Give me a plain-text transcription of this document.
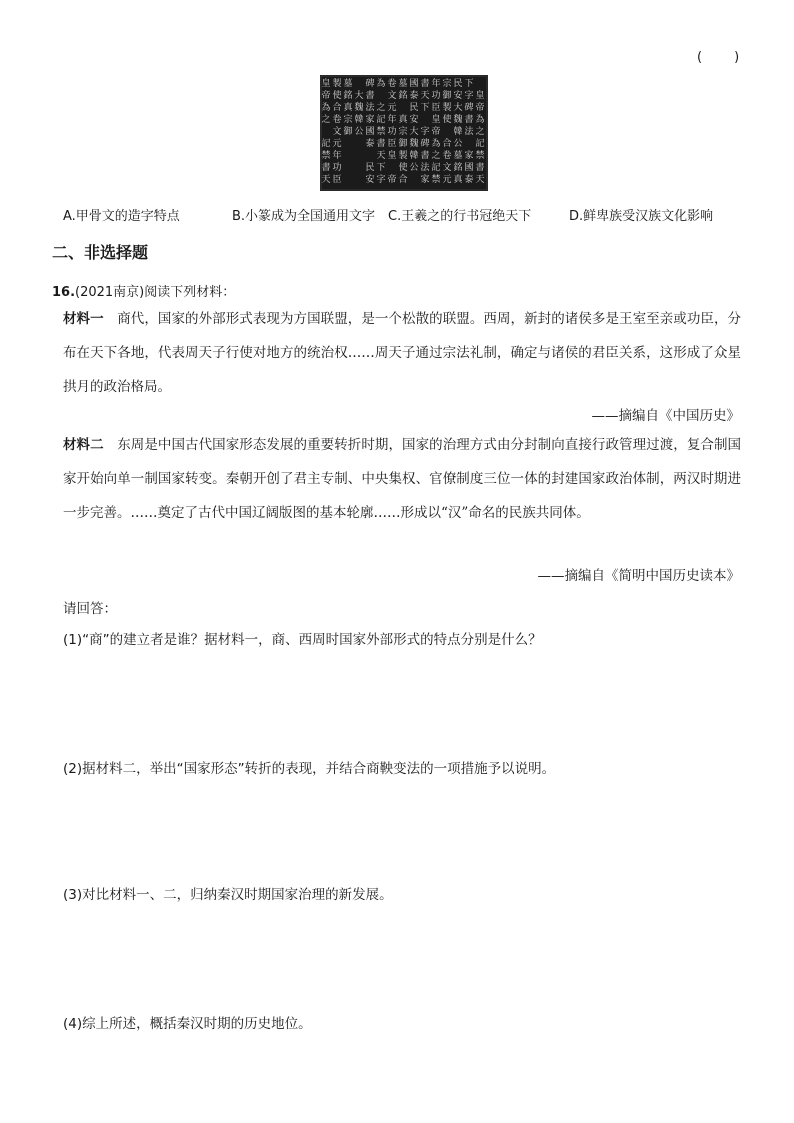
(　　)
皇
帝
為
之
記
禁
書
天
下
字
碑
書
法
家
國
泰
民
安
大
魏
韓
公
墓
銘
真
宗
御
製
使
合
卷
文
元
年
功
臣
皇
帝
為
之
記
禁
書
天
下
字
碑
書
法
家
國
泰
民
安
大
魏
韓
公
墓
銘
真
宗
御
製
使
合
卷
文
元
年
功
臣
皇
帝
為
之
記
禁
書
天
下
字
碑
書
法
家
國
泰
民
安
大
魏
韓
公
墓
銘
真
宗
御
製
使
合
卷
文
元
年
功
臣
皇
帝
為
之
記
禁
書
天
A.甲骨文的造字特点	B.小篆成为全国通用文字 C.王羲之的行书冠绝天下	D.鲜卑族受汉族文化影响
二、非选择题
16.(2021南京)阅读下列材料：
材料一　商代，国家的外部形式表现为方国联盟，是一个松散的联盟。西周，新封的诸侯多是王室至亲或功臣，分布在天下各地，代表周天子行使对地方的统治权……周天子通过宗法礼制，确定与诸侯的君臣关系，这形成了众星拱月的政治格局。
——摘编自《中国历史》
材料二　东周是中国古代国家形态发展的重要转折时期，国家的治理方式由分封制向直接行政管理过渡，复合制国家开始向单一制国家转变。秦朝开创了君主专制、中央集权、官僚制度三位一体的封建国家政治体制，两汉时期进一步完善。……奠定了古代中国辽阔版图的基本轮廓……形成以“汉”命名的民族共同体。
——摘编自《简明中国历史读本》
请回答：
(1)“商”的建立者是谁？据材料一，商、西周时国家外部形式的特点分别是什么？
(2)据材料二，举出“国家形态”转折的表现，并结合商鞅变法的一项措施予以说明。
(3)对比材料一、二，归纳秦汉时期国家治理的新发展。
(4)综上所述，概括秦汉时期的历史地位。
